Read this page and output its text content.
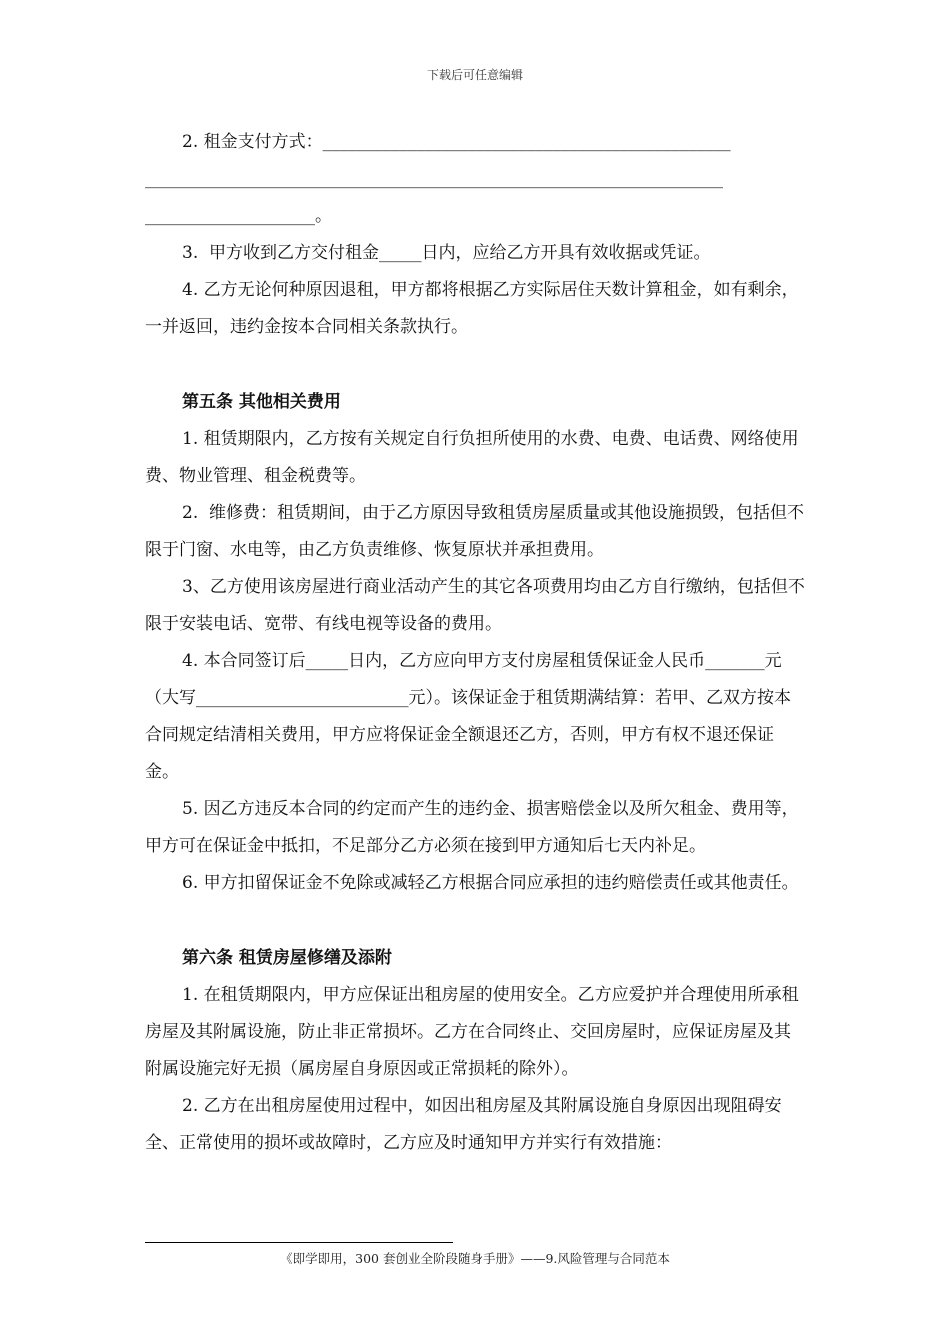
下载后可任意编辑

2. 租金支付方式：________________________________________________

____________________________________________________________________

____________________。

3.  甲方收到乙方交付租金_____日内，应给乙方开具有效收据或凭证。

4. 乙方无论何种原因退租，甲方都将根据乙方实际居住天数计算租金，如有剩余，一并返回，违约金按本合同相关条款执行。

第五条 其他相关费用

1. 租赁期限内，乙方按有关规定自行负担所使用的水费、电费、电话费、网络使用费、物业管理、租金税费等。

2.  维修费：租赁期间，由于乙方原因导致租赁房屋质量或其他设施损毁，包括但不限于门窗、水电等，由乙方负责维修、恢复原状并承担费用。

3、乙方使用该房屋进行商业活动产生的其它各项费用均由乙方自行缴纳，包括但不限于安装电话、宽带、有线电视等设备的费用。

4. 本合同签订后_____日内，乙方应向甲方支付房屋租赁保证金人民币_______元（大写_________________________元）。该保证金于租赁期满结算：若甲、乙双方按本合同规定结清相关费用，甲方应将保证金全额退还乙方，否则，甲方有权不退还保证金。

5. 因乙方违反本合同的约定而产生的违约金、损害赔偿金以及所欠租金、费用等，甲方可在保证金中抵扣，不足部分乙方必须在接到甲方通知后七天内补足。

6. 甲方扣留保证金不免除或减轻乙方根据合同应承担的违约赔偿责任或其他责任。

第六条 租赁房屋修缮及添附

1. 在租赁期限内，甲方应保证出租房屋的使用安全。乙方应爱护并合理使用所承租房屋及其附属设施，防止非正常损坏。乙方在合同终止、交回房屋时，应保证房屋及其附属设施完好无损（属房屋自身原因或正常损耗的除外）。

2. 乙方在出租房屋使用过程中，如因出租房屋及其附属设施自身原因出现阻碍安全、正常使用的损坏或故障时，乙方应及时通知甲方并实行有效措施：

《即学即用，300 套创业全阶段随身手册》——9.风险管理与合同范本
